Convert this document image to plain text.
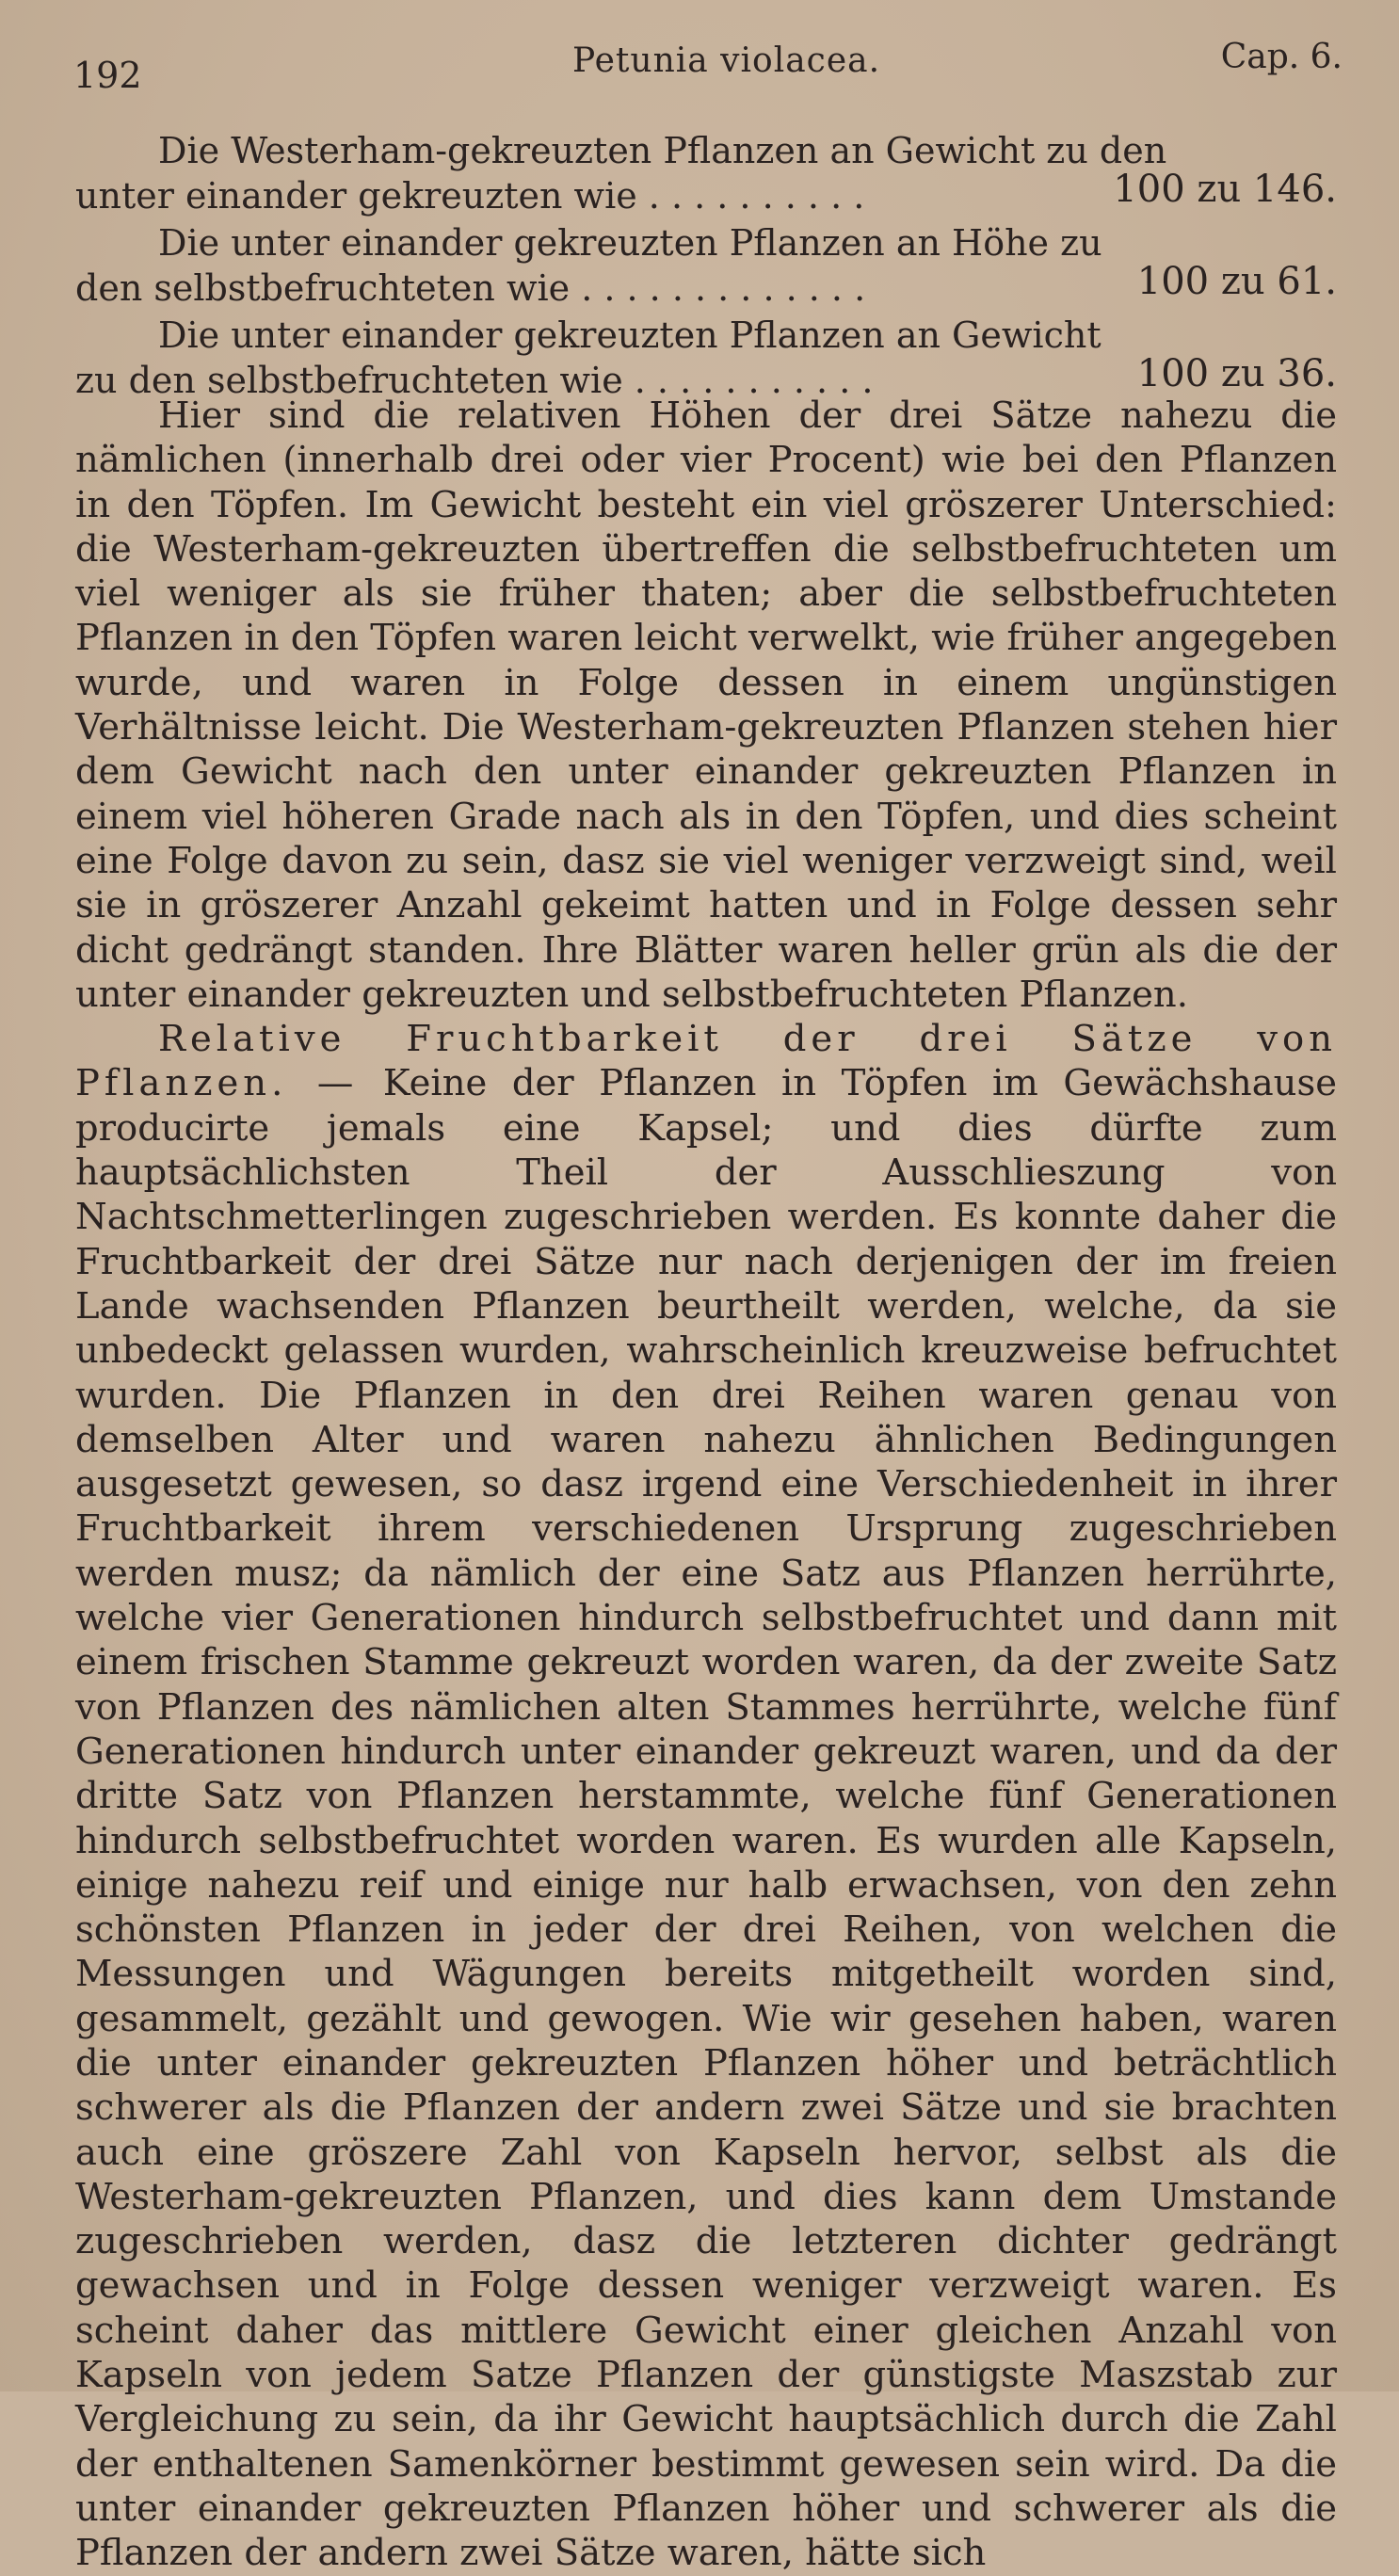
192	Petunia violacea.	Cap. 6.
Die Westerham-gekreuzten Pflanzen an Gewicht zu den
unter einander gekreuzten wie . . . . . . . . . .	100 zu 146.
Die unter einander gekreuzten Pflanzen an Höhe zu
den selbstbefruchteten wie . . . . . . . . . . . . .	100 zu 61.
Die unter einander gekreuzten Pflanzen an Gewicht
zu den selbstbefruchteten wie . . . . . . . . . . .	100 zu 36.

Hier sind die relativen Höhen der drei Sätze nahezu die nämlichen (innerhalb drei oder vier Procent) wie bei den Pflanzen in den Töpfen. Im Gewicht besteht ein viel gröszerer Unterschied: die Westerham-gekreuzten übertreffen die selbstbefruchteten um viel weniger als sie früher thaten; aber die selbstbefruchteten Pflanzen in den Töpfen waren leicht verwelkt, wie früher angegeben wurde, und waren in Folge dessen in einem ungünstigen Verhältnisse leicht. Die Westerham-gekreuzten Pflanzen stehen hier dem Gewicht nach den unter einander gekreuzten Pflanzen in einem viel höheren Grade nach als in den Töpfen, und dies scheint eine Folge davon zu sein, dasz sie viel weniger verzweigt sind, weil sie in gröszerer Anzahl gekeimt hatten und in Folge dessen sehr dicht gedrängt standen. Ihre Blätter waren heller grün als die der unter einander gekreuzten und selbstbefruchteten Pflanzen.

Relative Fruchtbarkeit der drei Sätze von Pflanzen. — Keine der Pflanzen in Töpfen im Gewächshause producirte jemals eine Kapsel; und dies dürfte zum hauptsächlichsten Theil der Ausschlieszung von Nachtschmetterlingen zugeschrieben werden. Es konnte daher die Fruchtbarkeit der drei Sätze nur nach derjenigen der im freien Lande wachsenden Pflanzen beurtheilt werden, welche, da sie unbedeckt gelassen wurden, wahrscheinlich kreuzweise befruchtet wurden. Die Pflanzen in den drei Reihen waren genau von demselben Alter und waren nahezu ähnlichen Bedingungen ausgesetzt gewesen, so dasz irgend eine Verschiedenheit in ihrer Fruchtbarkeit ihrem verschiedenen Ursprung zugeschrieben werden musz; da nämlich der eine Satz aus Pflanzen herrührte, welche vier Generationen hindurch selbstbefruchtet und dann mit einem frischen Stamme gekreuzt worden waren, da der zweite Satz von Pflanzen des nämlichen alten Stammes herrührte, welche fünf Generationen hindurch unter einander gekreuzt waren, und da der dritte Satz von Pflanzen herstammte, welche fünf Generationen hindurch selbstbefruchtet worden waren. Es wurden alle Kapseln, einige nahezu reif und einige nur halb erwachsen, von den zehn schönsten Pflanzen in jeder der drei Reihen, von welchen die Messungen und Wägungen bereits mitgetheilt worden sind, gesammelt, gezählt und gewogen. Wie wir gesehen haben, waren die unter einander gekreuzten Pflanzen höher und beträchtlich schwerer als die Pflanzen der andern zwei Sätze und sie brachten auch eine gröszere Zahl von Kapseln hervor, selbst als die Westerham-gekreuzten Pflanzen, und dies kann dem Umstande zugeschrieben werden, dasz die letzteren dichter gedrängt gewachsen und in Folge dessen weniger verzweigt waren. Es scheint daher das mittlere Gewicht einer gleichen Anzahl von Kapseln von jedem Satze Pflanzen der günstigste Maszstab zur Vergleichung zu sein, da ihr Gewicht hauptsächlich durch die Zahl der enthaltenen Samenkörner bestimmt gewesen sein wird. Da die unter einander gekreuzten Pflanzen höher und schwerer als die Pflanzen der andern zwei Sätze waren, hätte sich
